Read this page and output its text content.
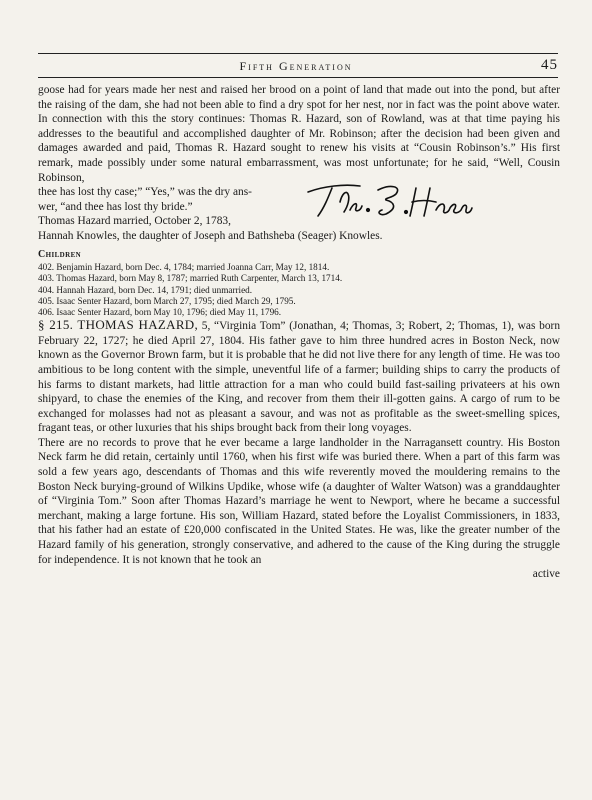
Fifth Generation	45

goose had for years made her nest and raised her brood on a point of land that made out into the pond, but after the raising of the dam, she had not been able to find a dry spot for her nest, nor in fact was the point above water. In connection with this the story continues: Thomas R. Hazard, son of Rowland, was at that time paying his addresses to the beautiful and accomplished daughter of Mr. Robinson; after the decision had been given and damages awarded and paid, Thomas R. Hazard sought to renew his visits at “Cousin Robinson’s.” His first remark, made possibly under some natural embarrassment, was most unfortunate; for he said, “Well, Cousin Robinson,

thee has lost thy case;” “Yes,” was the dry ans-
wer, “and thee has lost thy bride.”
Thomas Hazard married, October 2, 1783,
Hannah Knowles, the daughter of Joseph and Bathsheba (Seager) Knowles.
Children
402. Benjamin Hazard, born Dec. 4, 1784; married Joanna Carr, May 12, 1814.
403. Thomas Hazard, born May 8, 1787; married Ruth Carpenter, March 13, 1714.
404. Hannah Hazard, born Dec. 14, 1791; died unmarried.
405. Isaac Senter Hazard, born March 27, 1795; died March 29, 1795.
406. Isaac Senter Hazard, born May 10, 1796; died May 11, 1796.

§ 215. THOMAS HAZARD, 5, “Virginia Tom” (Jonathan, 4; Thomas, 3; Robert, 2; Thomas, 1), was born February 22, 1727; he died April 27, 1804. His father gave to him three hundred acres in Boston Neck, now known as the Governor Brown farm, but it is probable that he did not live there for any length of time. He was too ambitious to be long content with the simple, uneventful life of a farmer; building ships to carry the products of his farms to distant markets, had little attraction for a man who could build fast-sailing privateers at his own shipyard, to chase the enemies of the King, and recover from them their ill-gotten gains. A cargo of rum to be exchanged for molasses had not as pleasant a savour, and was not as profitable as the sweet-smelling spices, fragant teas, or other luxuries that his ships brought back from their long voyages.

There are no records to prove that he ever became a large landholder in the Narragansett country. His Boston Neck farm he did retain, certainly until 1760, when his first wife was buried there. When a part of this farm was sold a few years ago, descendants of Thomas and this wife reverently moved the mouldering remains to the Boston Neck burying-ground of Wilkins Updike, whose wife (a daughter of Walter Watson) was a granddaughter of “Virginia Tom.” Soon after Thomas Hazard’s marriage he went to Newport, where he became a successful merchant, making a large fortune. His son, William Hazard, stated before the Loyalist Commissioners, in 1833, that his father had an estate of £20,000 confiscated in the United States. He was, like the greater number of the Hazard family of his generation, strongly conservative, and adhered to the cause of the King during the struggle for independence. It is not known that he took an

active
